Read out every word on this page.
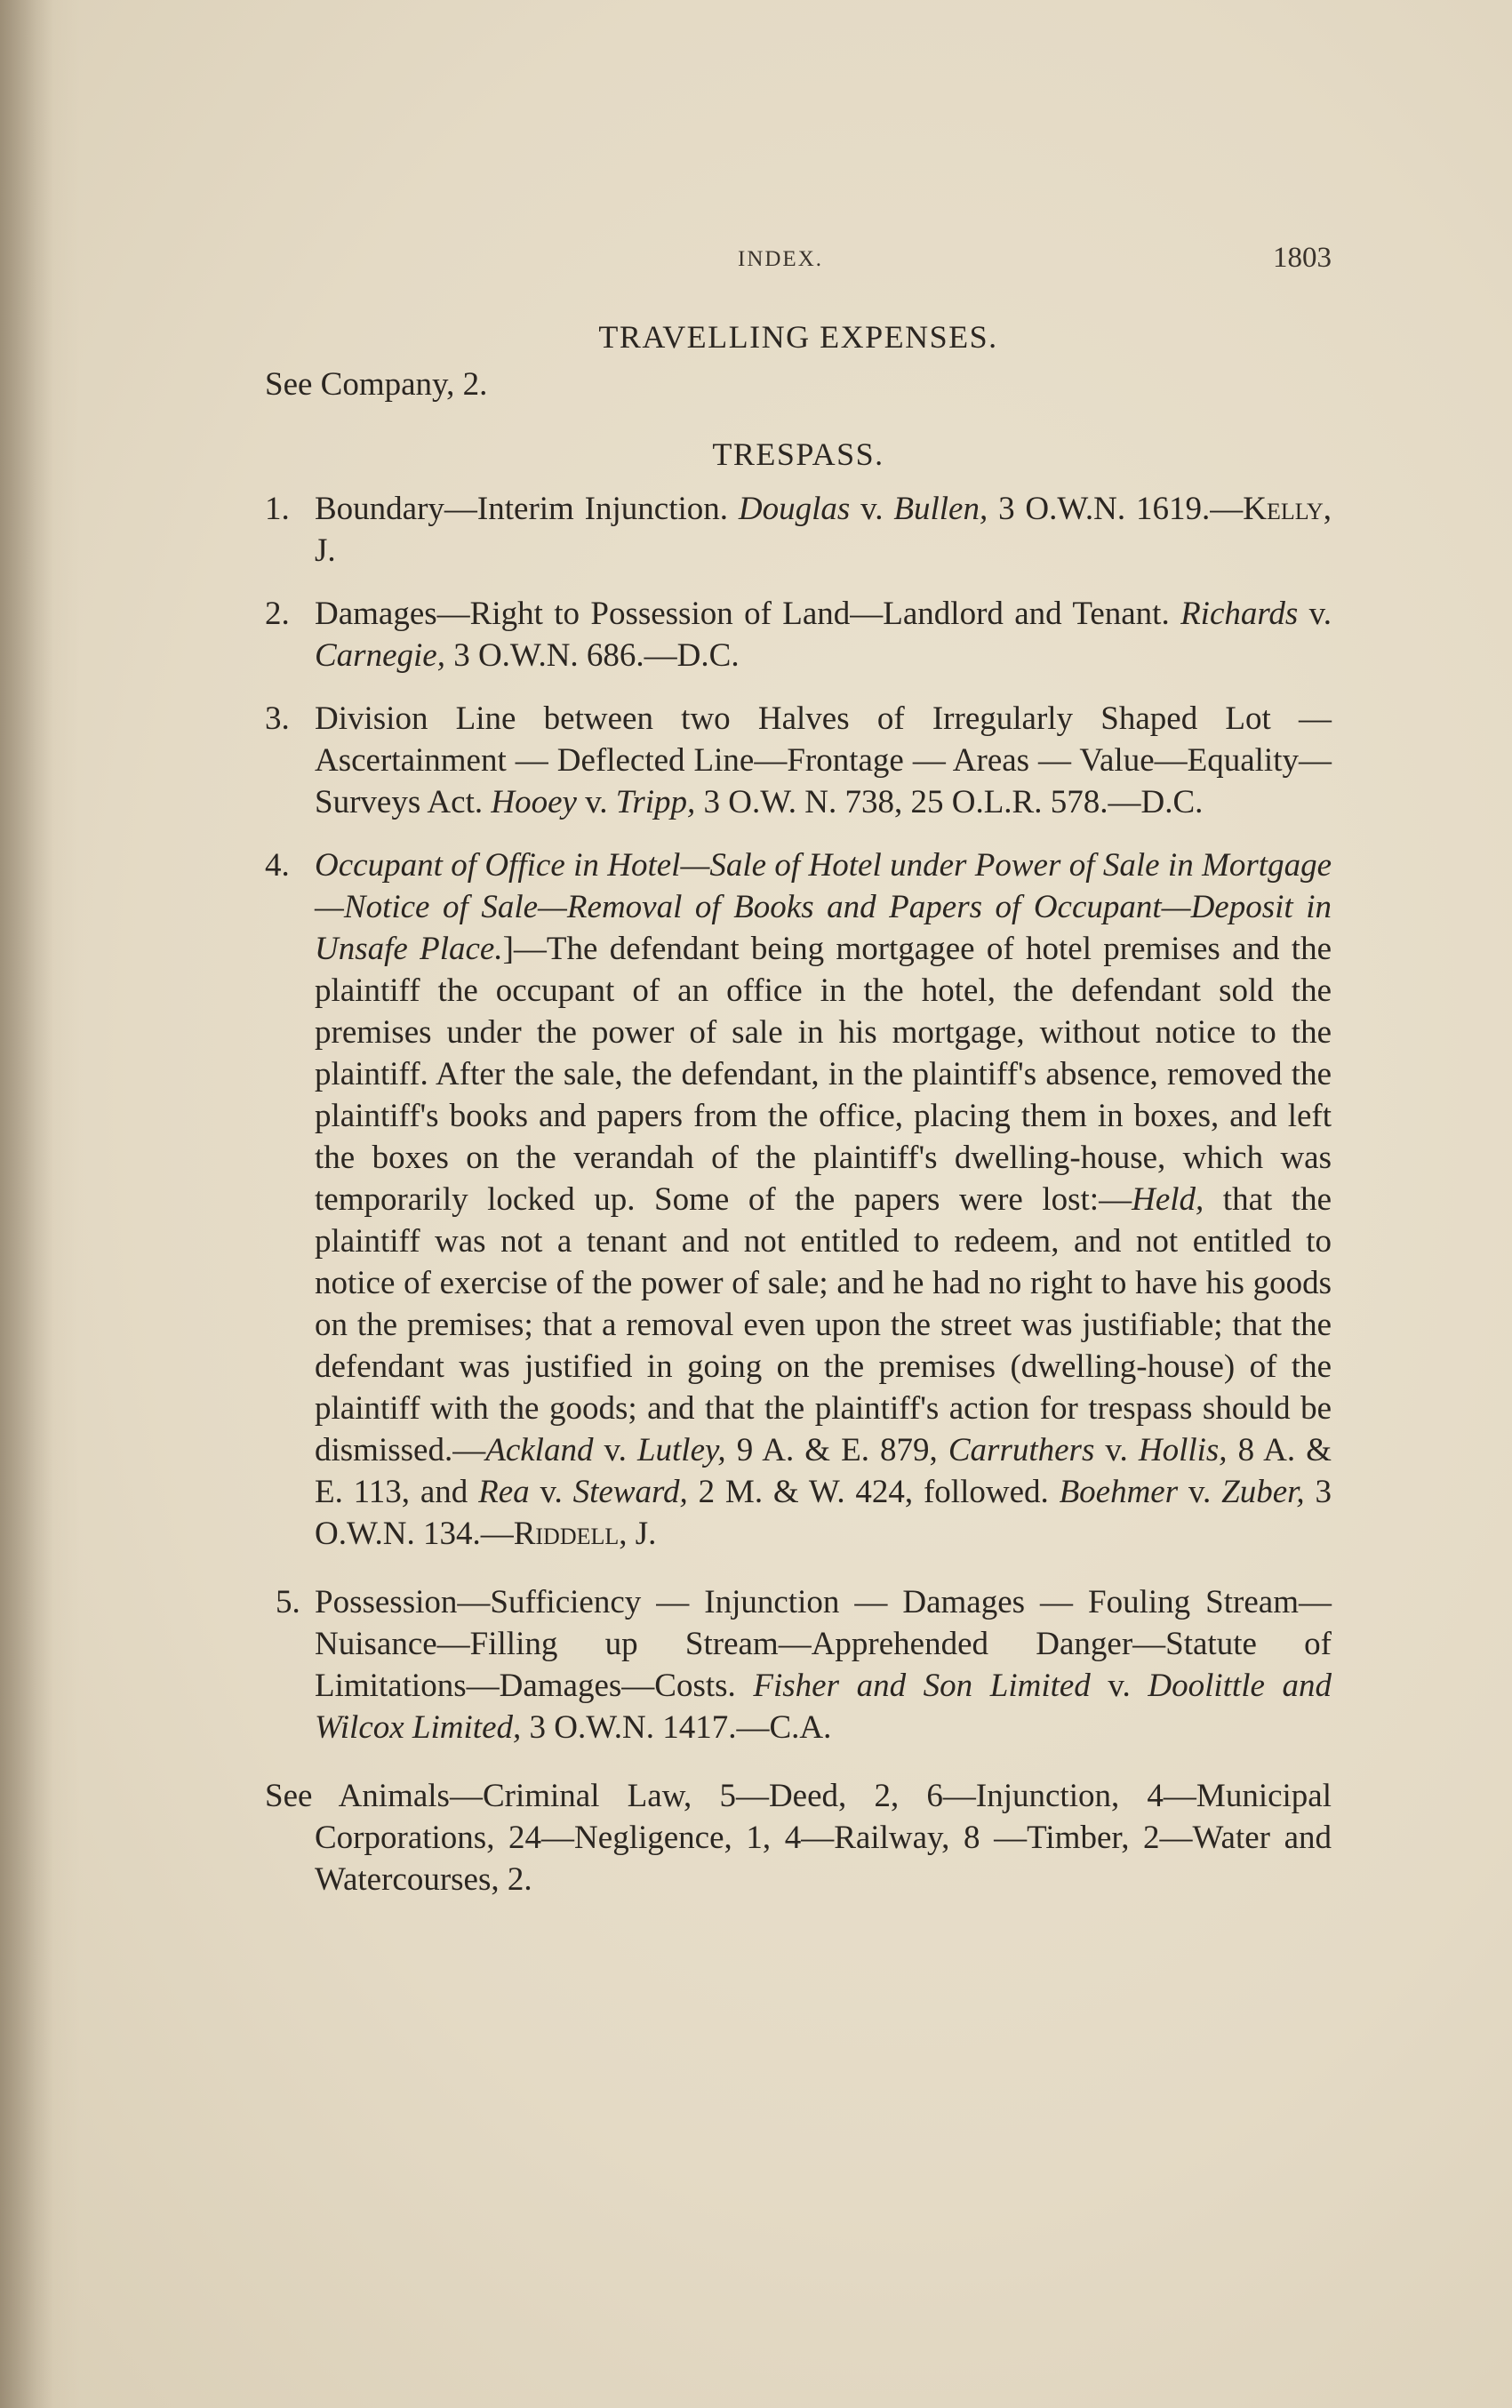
INDEX.	1803
TRAVELLING EXPENSES.

See Company, 2.

TRESPASS.
1. Boundary—Interim Injunction. Douglas v. Bullen, 3 O.W.N. 1619.—Kelly, J.
2. Damages—Right to Possession of Land—Landlord and Tenant. Richards v. Carnegie, 3 O.W.N. 686.—D.C.
3. Division Line between two Halves of Irregularly Shaped Lot — Ascertainment — Deflected Line—Frontage — Areas — Value—Equality—Surveys Act. Hooey v. Tripp, 3 O.W. N. 738, 25 O.L.R. 578.—D.C.
4. Occupant of Office in Hotel—Sale of Hotel under Power of Sale in Mortgage—Notice of Sale—Removal of Books and Papers of Occupant—Deposit in Unsafe Place.]—The defendant being mortgagee of hotel premises and the plaintiff the occupant of an office in the hotel, the defendant sold the premises under the power of sale in his mortgage, without notice to the plaintiff. After the sale, the defendant, in the plaintiff's absence, removed the plaintiff's books and papers from the office, placing them in boxes, and left the boxes on the verandah of the plaintiff's dwelling-house, which was temporarily locked up. Some of the papers were lost:—Held, that the plaintiff was not a tenant and not entitled to redeem, and not entitled to notice of exercise of the power of sale; and he had no right to have his goods on the premises; that a removal even upon the street was justifiable; that the defendant was justified in going on the premises (dwelling-house) of the plaintiff with the goods; and that the plaintiff's action for trespass should be dismissed.—Ackland v. Lutley, 9 A. & E. 879, Carruthers v. Hollis, 8 A. & E. 113, and Rea v. Steward, 2 M. & W. 424, followed. Boehmer v. Zuber, 3 O.W.N. 134.—Riddell, J.
5. Possession—Sufficiency — Injunction — Damages — Fouling Stream—Nuisance—Filling up Stream—Apprehended Danger—Statute of Limitations—Damages—Costs. Fisher and Son Limited v. Doolittle and Wilcox Limited, 3 O.W.N. 1417.—C.A.

See Animals—Criminal Law, 5—Deed, 2, 6—Injunction, 4—Municipal Corporations, 24—Negligence, 1, 4—Railway, 8 —Timber, 2—Water and Watercourses, 2.
